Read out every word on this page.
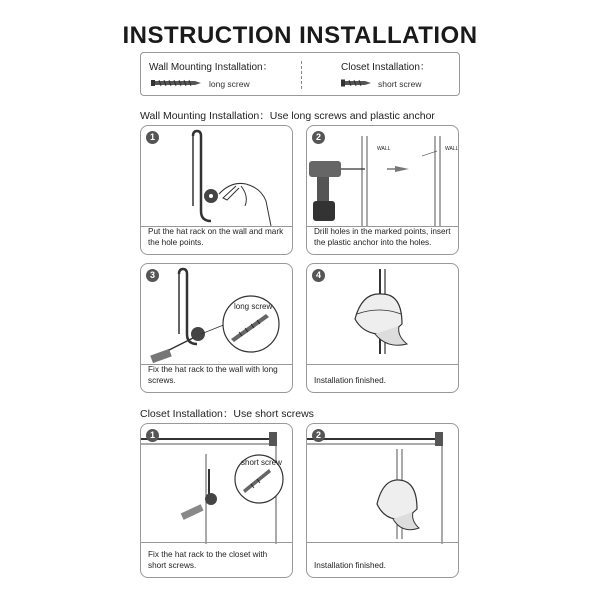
INSTRUCTION INSTALLATION
Wall Mounting Installation：
long screw
Closet Installation：
short screw
Wall Mounting Installation：Use long screws and plastic anchor
1
Put the hat rack on the wall and mark the hole points.
2
WALL	WALL
Drill holes in the marked points, insert the plastic anchor into the holes.
3
long screw
Fix the hat rack to the wall with long screws.
4
Installation finished.
Closet Installation：Use short screws
1
short screw
Fix the hat rack to the closet with short screws.
2
Installation finished.
